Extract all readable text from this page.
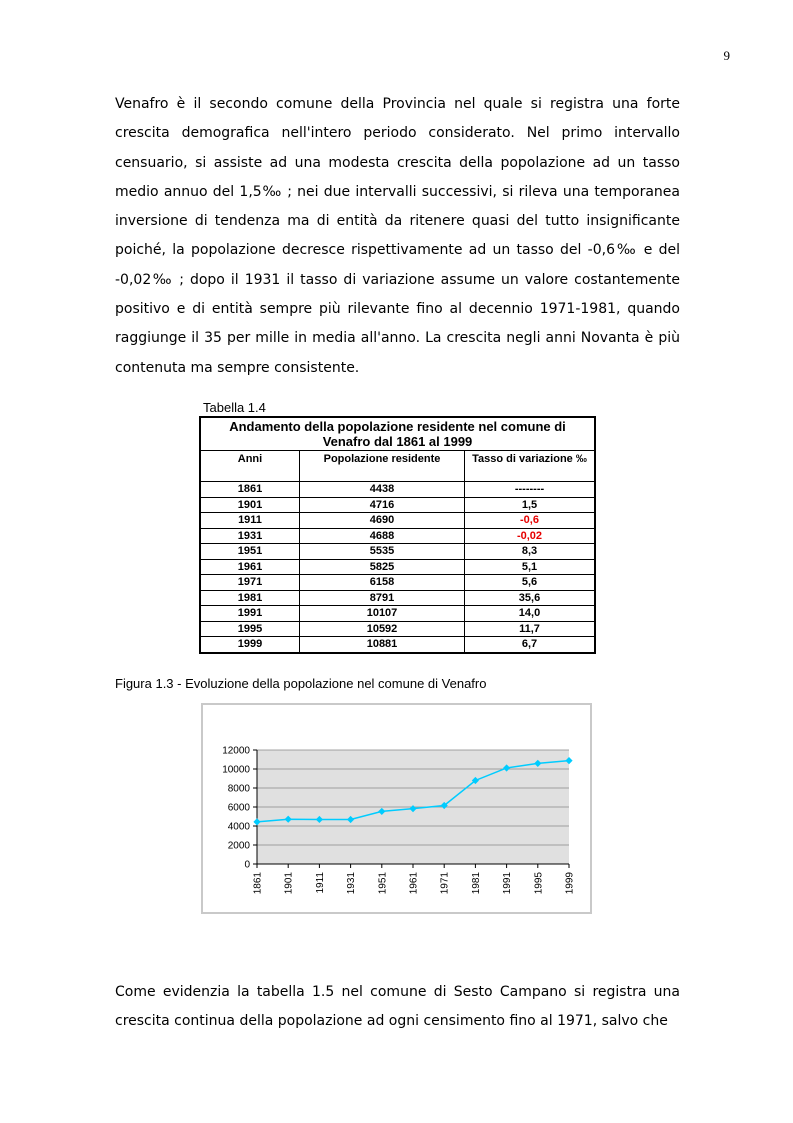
9

Venafro è il secondo comune della Provincia nel quale si registra una forte crescita demografica nell'intero periodo considerato. Nel primo intervallo censuario, si assiste ad una modesta crescita della popolazione ad un tasso medio annuo del 1,5‰ ; nei due intervalli successivi, si rileva una temporanea inversione di tendenza ma di entità da ritenere quasi del tutto insignificante poiché, la popolazione decresce rispettivamente ad un tasso del -0,6‰ e del -0,02‰ ; dopo il 1931 il tasso di variazione assume un valore costantemente positivo e di entità sempre più rilevante fino al decennio 1971-1981, quando raggiunge il 35 per mille in media all'anno. La crescita negli anni Novanta è più contenuta ma sempre consistente.

Tabella 1.4
Andamento della popolazione residente nel comune di Venafro dal 1861 al 1999		
Anni	Popolazione residente	Tasso di variazione ‰
1861	4438	--------
1901	4716	1,5
1911	4690	-0,6
1931	4688	-0,02
1951	5535	8,3
1961	5825	5,1
1971	6158	5,6
1981	8791	35,6
1991	10107	14,0
1995	10592	11,7
1999	10881	6,7
Figura 1.3 - Evoluzione della popolazione nel comune di Venafro
0
2000
4000
6000
8000
10000
12000
1861 1901 1911 1931 1951 1961 1971 1981 1991 1995 1999

Come evidenzia la tabella 1.5 nel comune di Sesto Campano si registra una crescita continua della popolazione ad ogni censimento fino al 1971, salvo che
